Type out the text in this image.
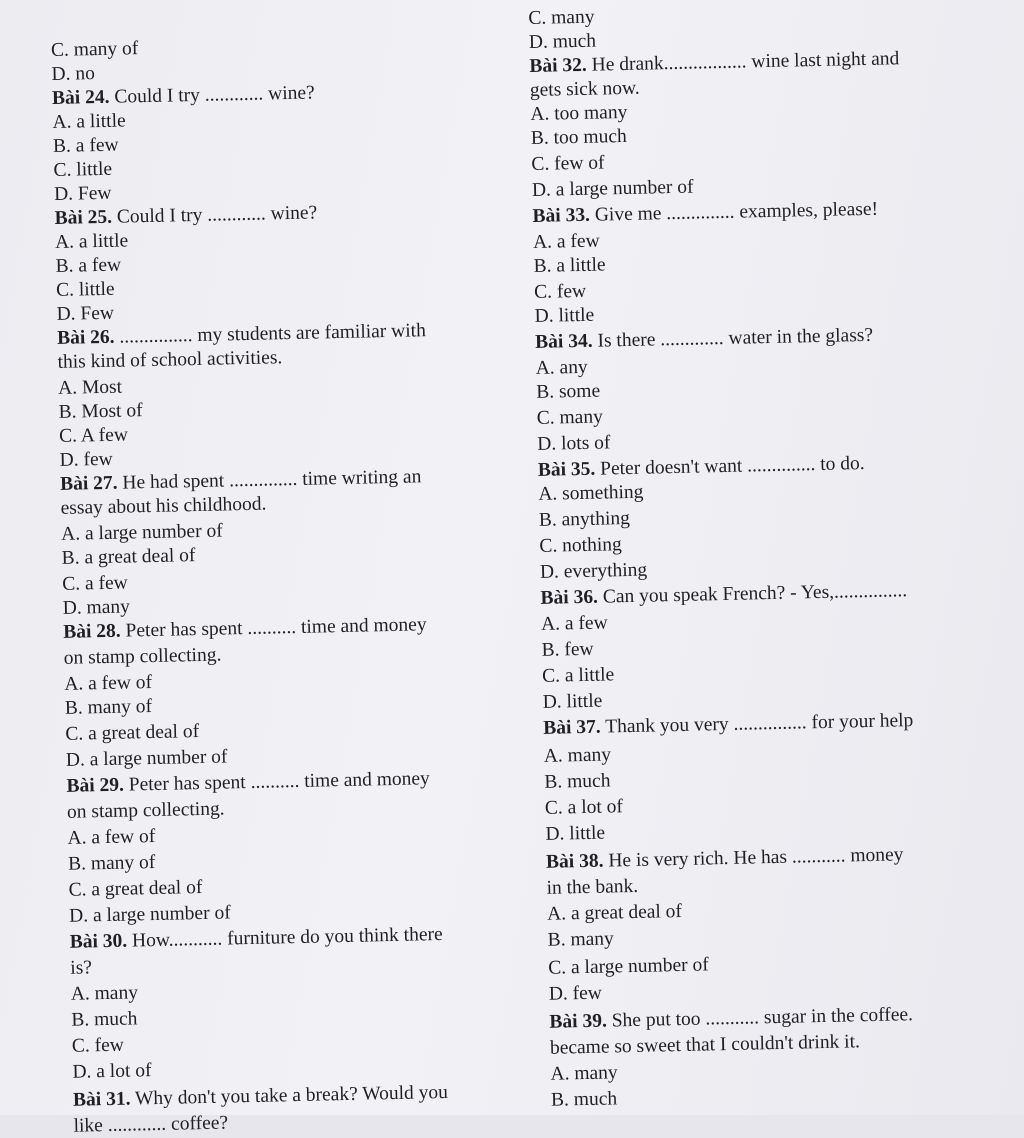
C. many of
D. no
Bài 24. Could I try ............ wine?
A. a little
B. a few
C. little
D. Few
Bài 25. Could I try ............ wine?
A. a little
B. a few
C. little
D. Few
Bài 26. ............... my students are familiar with
this kind of school activities.
A. Most
B. Most of
C. A few
D. few
Bài 27. He had spent .............. time writing an
essay about his childhood.
A. a large number of
B. a great deal of
C. a few
D. many
Bài 28. Peter has spent .......... time and money
on stamp collecting.
A. a few of
B. many of
C. a great deal of
D. a large number of
Bài 29. Peter has spent .......... time and money
on stamp collecting.
A. a few of
B. many of
C. a great deal of
D. a large number of
Bài 30. How........... furniture do you think there
is?
A. many
B. much
C. few
D. a lot of
Bài 31. Why don't you take a break? Would you
like ............ coffee?
C. many
D. much
Bài 32. He drank................. wine last night and
gets sick now.
A. too many
B. too much
C. few of
D. a large number of
Bài 33. Give me .............. examples, please!
A. a few
B. a little
C. few
D. little
Bài 34. Is there ............. water in the glass?
A. any
B. some
C. many
D. lots of
Bài 35. Peter doesn't want .............. to do.
A. something
B. anything
C. nothing
D. everything
Bài 36. Can you speak French? - Yes,...............
A. a few
B. few
C. a little
D. little
Bài 37. Thank you very ............... for your help
A. many
B. much
C. a lot of
D. little
Bài 38. He is very rich. He has ........... money
in the bank.
A. a great deal of
B. many
C. a large number of
D. few
Bài 39. She put too ........... sugar in the coffee.
became so sweet that I couldn't drink it.
A. many
B. much
